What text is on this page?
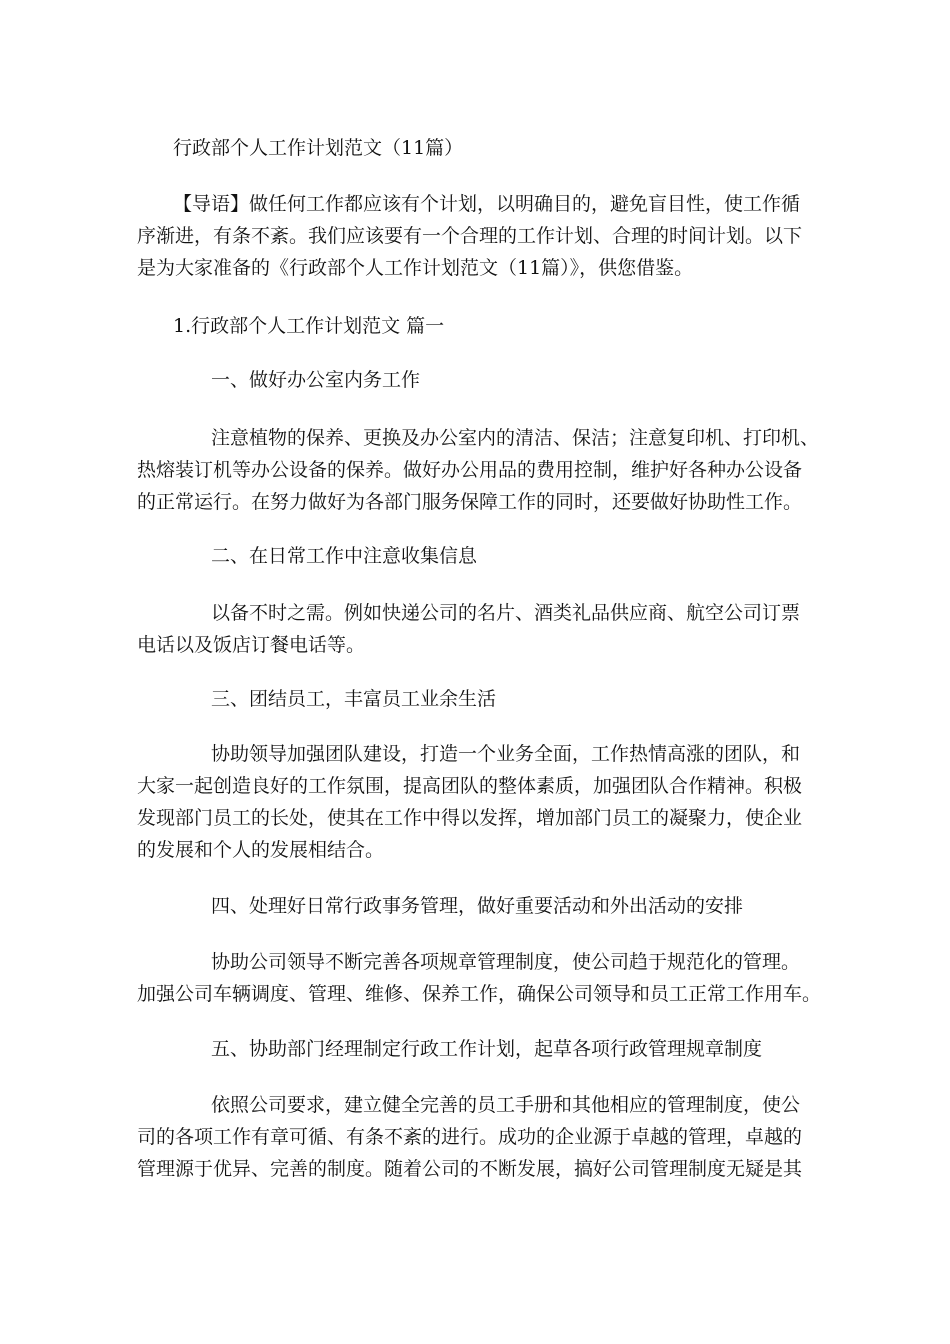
行政部个人工作计划范文（11篇）
【导语】做任何工作都应该有个计划，以明确目的，避免盲目性，使工作循
序渐进，有条不紊。我们应该要有一个合理的工作计划、合理的时间计划。以下
是为大家准备的《行政部个人工作计划范文（11篇）》，供您借鉴。
1.行政部个人工作计划范文 篇一
一、做好办公室内务工作
注意植物的保养、更换及办公室内的清洁、保洁；注意复印机、打印机、
热熔装订机等办公设备的保养。做好办公用品的费用控制，维护好各种办公设备
的正常运行。在努力做好为各部门服务保障工作的同时，还要做好协助性工作。
二、在日常工作中注意收集信息
以备不时之需。例如快递公司的名片、酒类礼品供应商、航空公司订票
电话以及饭店订餐电话等。
三、团结员工，丰富员工业余生活
协助领导加强团队建设，打造一个业务全面，工作热情高涨的团队，和
大家一起创造良好的工作氛围，提高团队的整体素质，加强团队合作精神。积极
发现部门员工的长处，使其在工作中得以发挥，增加部门员工的凝聚力，使企业
的发展和个人的发展相结合。
四、处理好日常行政事务管理，做好重要活动和外出活动的安排
协助公司领导不断完善各项规章管理制度，使公司趋于规范化的管理。
加强公司车辆调度、管理、维修、保养工作，确保公司领导和员工正常工作用车。
五、协助部门经理制定行政工作计划，起草各项行政管理规章制度
依照公司要求，建立健全完善的员工手册和其他相应的管理制度，使公
司的各项工作有章可循、有条不紊的进行。成功的企业源于卓越的管理，卓越的
管理源于优异、完善的制度。随着公司的不断发展，搞好公司管理制度无疑是其
